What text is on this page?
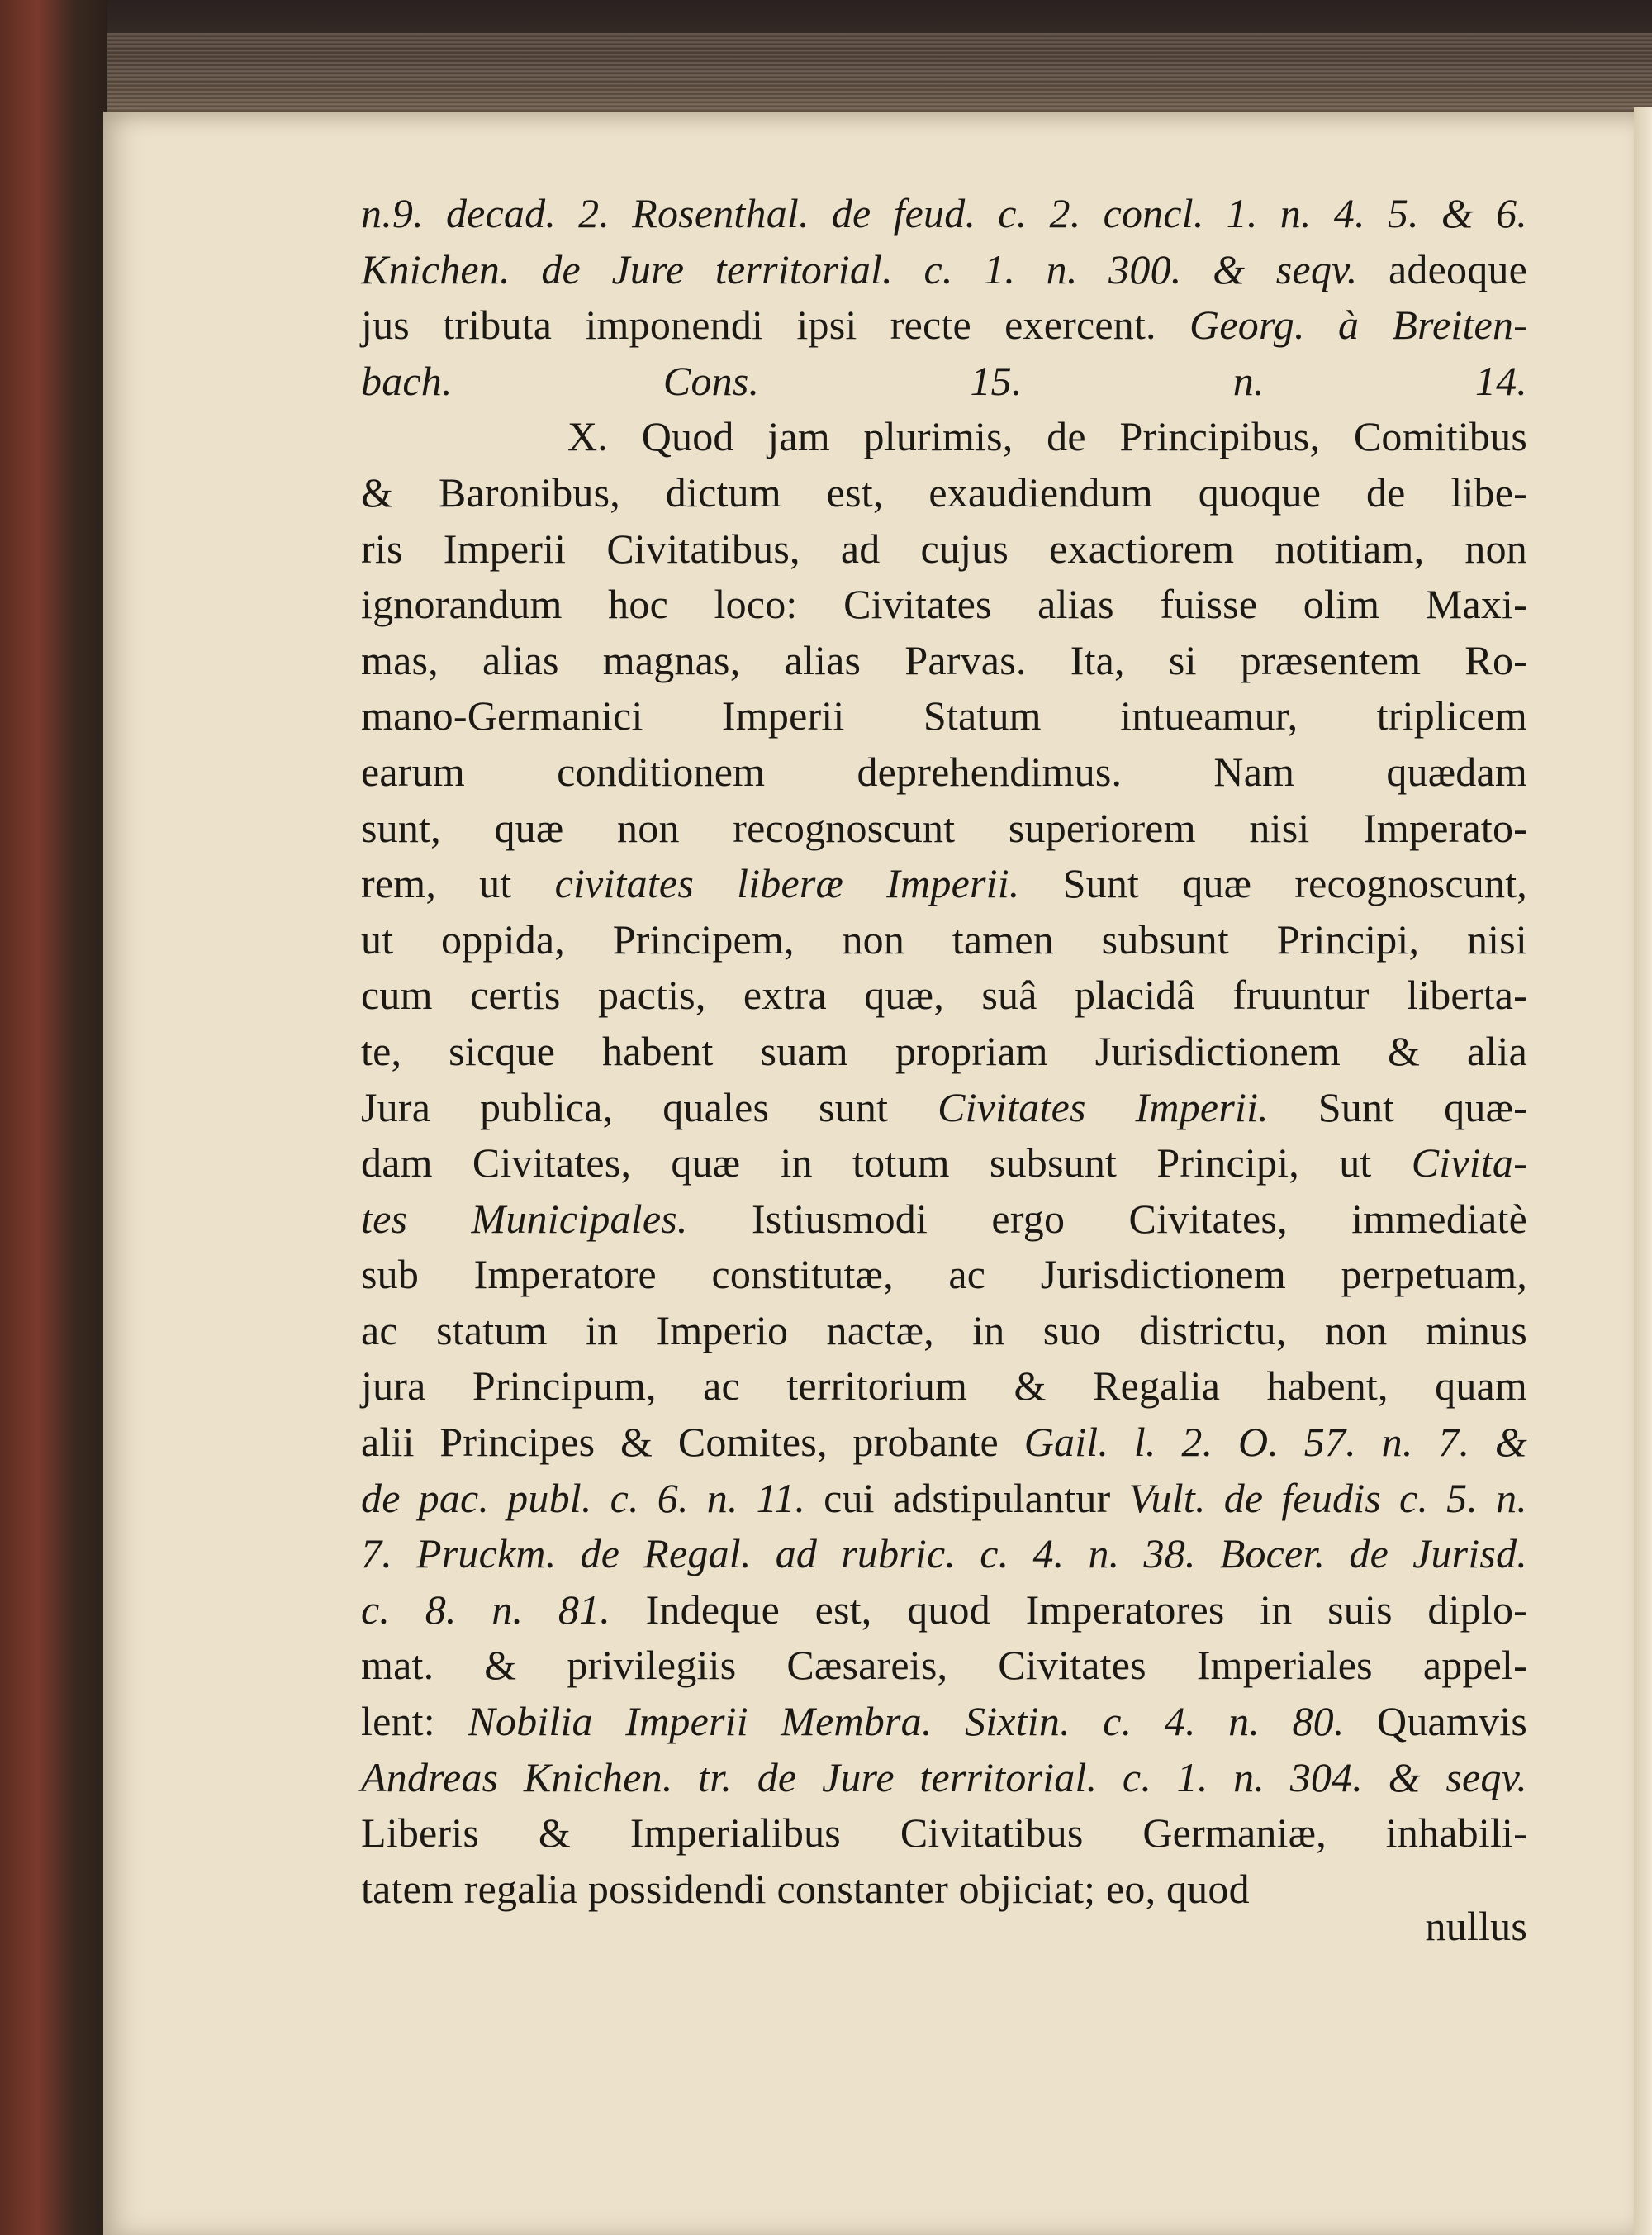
n.9. decad. 2. Rosenthal. de feud. c. 2. concl. 1. n. 4. 5. & 6.
Knichen. de Jure territorial. c. 1. n. 300. & seqv. adeoque
jus tributa imponendi ipsi recte exercent. Georg. à Breiten-
bach. Cons. 15. n. 14.
X. Quod jam plurimis, de Principibus, Comitibus
& Baronibus, dictum est, exaudiendum quoque de libe-
ris Imperii Civitatibus, ad cujus exactiorem notitiam, non
ignorandum hoc loco: Civitates alias fuisse olim Maxi-
mas, alias magnas, alias Parvas. Ita, si præsentem Ro-
mano-Germanici Imperii Statum intueamur, triplicem
earum conditionem deprehendimus. Nam quædam
sunt, quæ non recognoscunt superiorem nisi Imperato-
rem, ut civitates liberæ Imperii. Sunt quæ recognoscunt,
ut oppida, Principem, non tamen subsunt Principi, nisi
cum certis pactis, extra quæ, suâ placidâ fruuntur liberta-
te, sicque habent suam propriam Jurisdictionem & alia
Jura publica, quales sunt Civitates Imperii. Sunt quæ-
dam Civitates, quæ in totum subsunt Principi, ut Civita-
tes Municipales. Istiusmodi ergo Civitates, immediatè
sub Imperatore constitutæ, ac Jurisdictionem perpetuam,
ac statum in Imperio nactæ, in suo districtu, non minus
jura Principum, ac territorium & Regalia habent, quam
alii Principes & Comites, probante Gail. l. 2. O. 57. n. 7. &
de pac. publ. c. 6. n. 11. cui adstipulantur Vult. de feudis c. 5. n.
7. Pruckm. de Regal. ad rubric. c. 4. n. 38. Bocer. de Jurisd.
c. 8. n. 81. Indeque est, quod Imperatores in suis diplo-
mat. & privilegiis Cæsareis, Civitates Imperiales appel-
lent: Nobilia Imperii Membra. Sixtin. c. 4. n. 80. Quamvis
Andreas Knichen. tr. de Jure territorial. c. 1. n. 304. & seqv.
Liberis & Imperialibus Civitatibus Germaniæ, inhabili-
tatem regalia possidendi constanter objiciat; eo, quod
nullus
